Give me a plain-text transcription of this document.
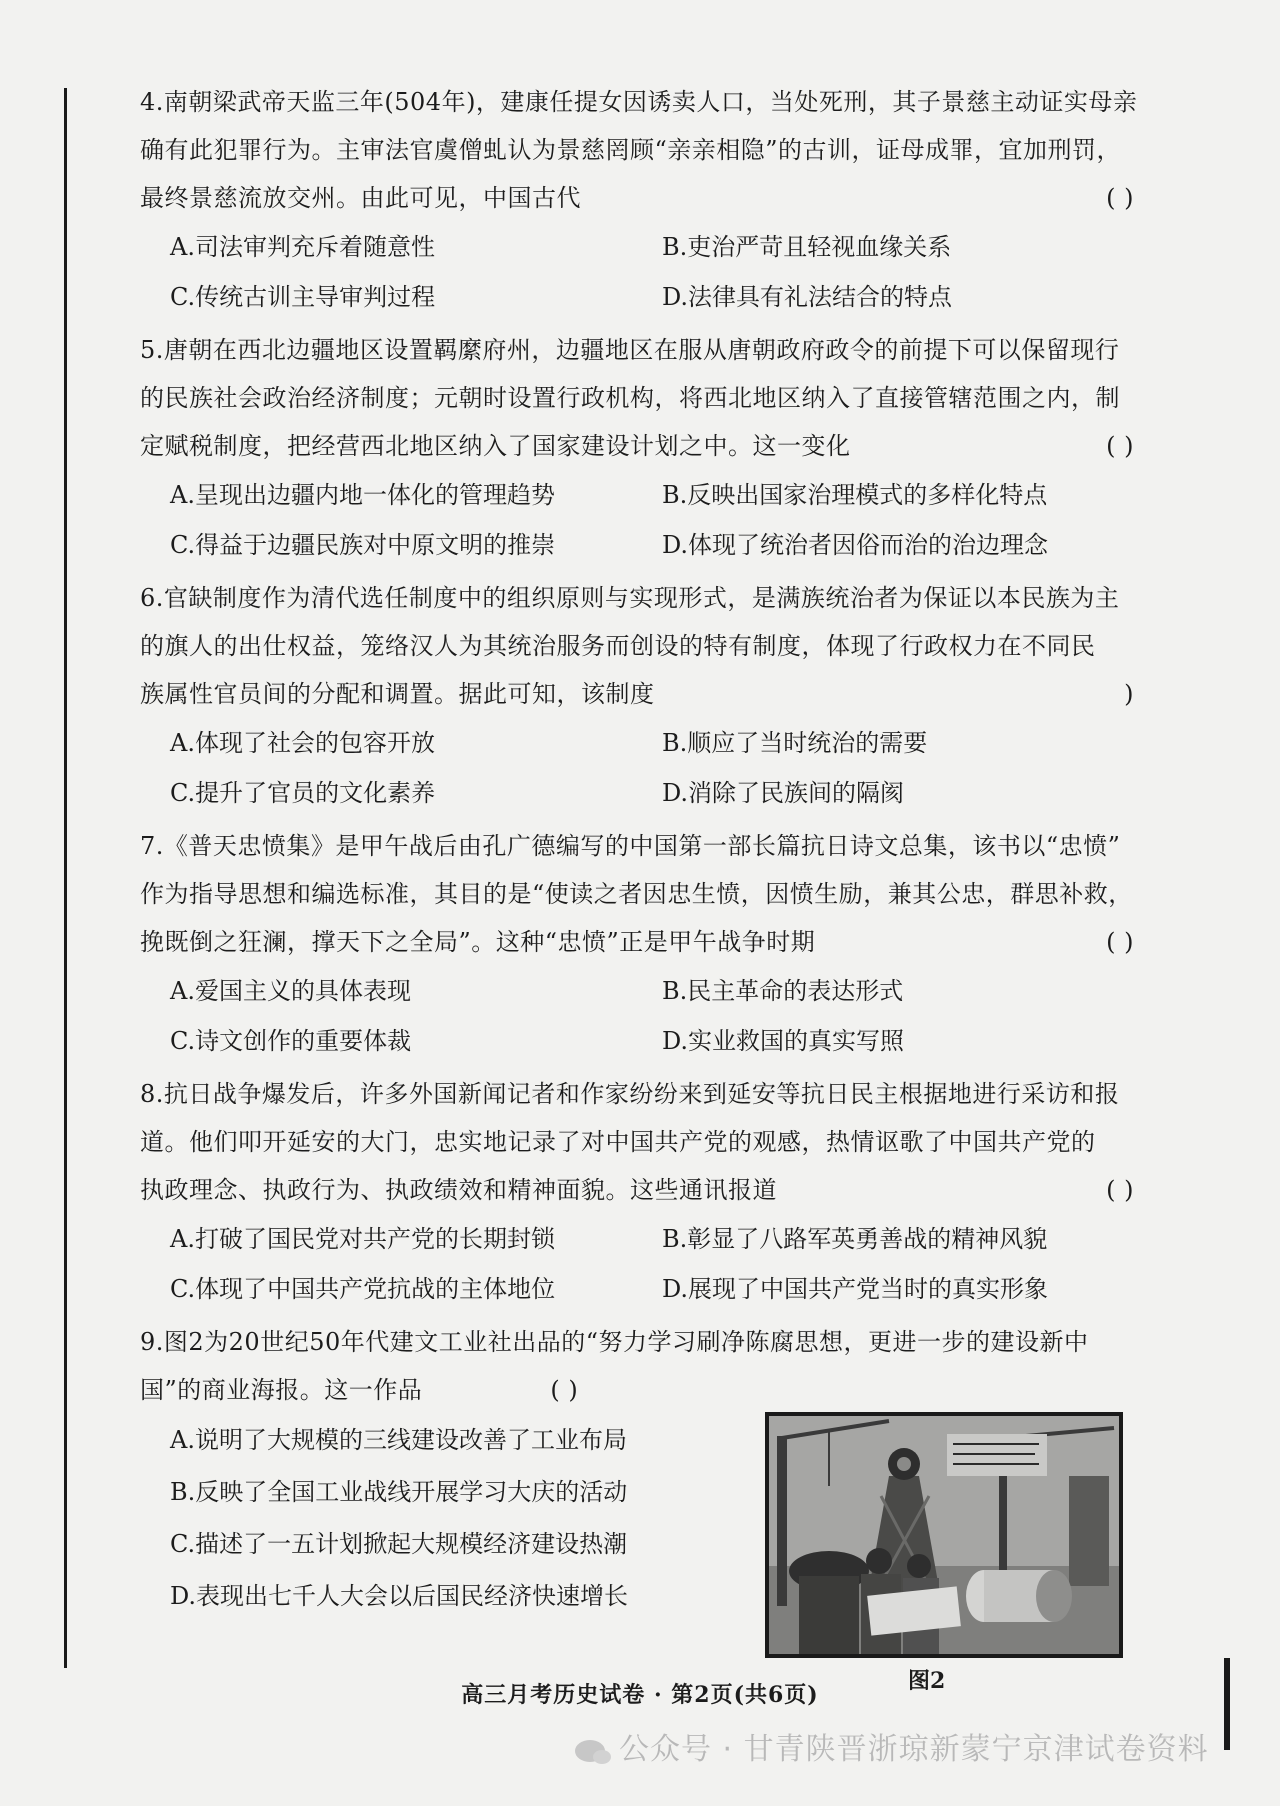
4.南朝梁武帝天监三年(504年)，建康任提女因诱卖人口，当处死刑，其子景慈主动证实母亲

确有此犯罪行为。主审法官虞僧虬认为景慈罔顾“亲亲相隐”的古训，证母成罪，宜加刑罚，

最终景慈流放交州。由此可见，中国古代	( )

A.司法审判充斥着随意性	B.吏治严苛且轻视血缘关系
C.传统古训主导审判过程	D.法律具有礼法结合的特点

5.唐朝在西北边疆地区设置羁縻府州，边疆地区在服从唐朝政府政令的前提下可以保留现行

的民族社会政治经济制度；元朝时设置行政机构，将西北地区纳入了直接管辖范围之内，制

定赋税制度，把经营西北地区纳入了国家建设计划之中。这一变化	( )

A.呈现出边疆内地一体化的管理趋势	B.反映出国家治理模式的多样化特点
C.得益于边疆民族对中原文明的推崇	D.体现了统治者因俗而治的治边理念

6.官缺制度作为清代选任制度中的组织原则与实现形式，是满族统治者为保证以本民族为主

的旗人的出仕权益，笼络汉人为其统治服务而创设的特有制度，体现了行政权力在不同民

族属性官员间的分配和调置。据此可知，该制度	)

A.体现了社会的包容开放	B.顺应了当时统治的需要
C.提升了官员的文化素养	D.消除了民族间的隔阂

7.《普天忠愤集》是甲午战后由孔广德编写的中国第一部长篇抗日诗文总集，该书以“忠愤”

作为指导思想和编选标准，其目的是“使读之者因忠生愤，因愤生励，兼其公忠，群思补救，

挽既倒之狂澜，撑天下之全局”。这种“忠愤”正是甲午战争时期	( )

A.爱国主义的具体表现	B.民主革命的表达形式
C.诗文创作的重要体裁	D.实业救国的真实写照

8.抗日战争爆发后，许多外国新闻记者和作家纷纷来到延安等抗日民主根据地进行采访和报

道。他们叩开延安的大门，忠实地记录了对中国共产党的观感，热情讴歌了中国共产党的

执政理念、执政行为、执政绩效和精神面貌。这些通讯报道	( )

A.打破了国民党对共产党的长期封锁	B.彰显了八路军英勇善战的精神风貌
C.体现了中国共产党抗战的主体地位	D.展现了中国共产党当时的真实形象

9.图2为20世纪50年代建文工业社出品的“努力学习刷净陈腐思想，更进一步的建设新中

国”的商业海报。这一作品	( )

A.说明了大规模的三线建设改善了工业布局
B.反映了全国工业战线开展学习大庆的活动
C.描述了一五计划掀起大规模经济建设热潮
D.表现出七千人大会以后国民经济快速增长
图2
高三月考历史试卷 · 第2页(共6页)
公众号 · 甘青陕晋浙琼新蒙宁京津试卷资料
